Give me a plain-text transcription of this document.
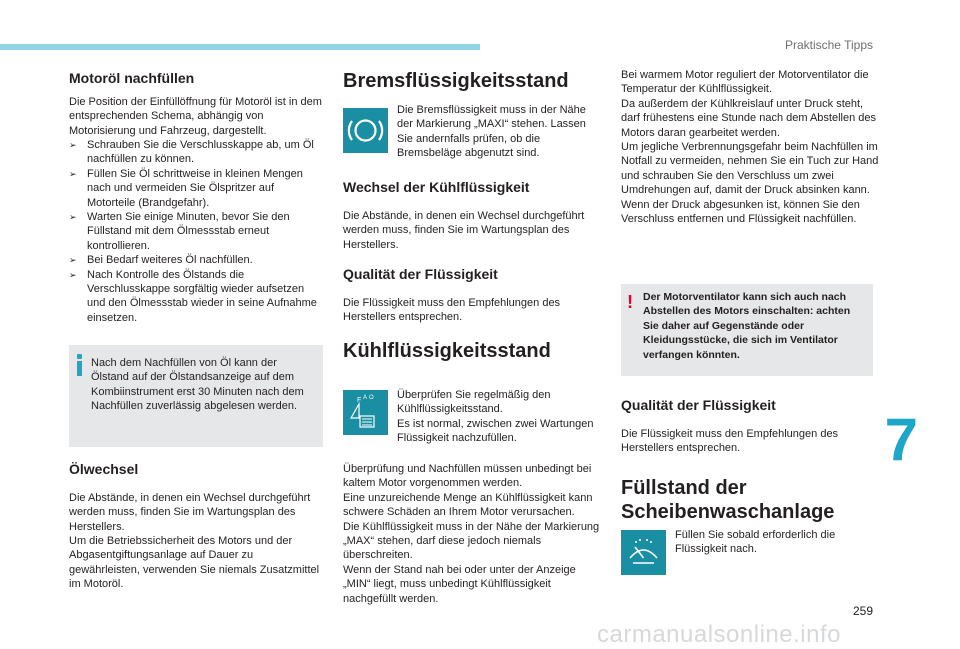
Praktische Tipps
Motoröl nachfüllen

Die Position der Einfüllöffnung für Motoröl ist in dem entsprechenden Schema, abhängig von Motorisierung und Fahrzeug, dargestellt.

➢ Schrauben Sie die Verschlusskappe ab, um Öl nachfüllen zu können.
➢ Füllen Sie Öl schrittweise in kleinen Mengen nach und vermeiden Sie Ölspritzer auf Motorteile (Brandgefahr).
➢ Warten Sie einige Minuten, bevor Sie den Füllstand mit dem Ölmessstab erneut kontrollieren.
➢ Bei Bedarf weiteres Öl nachfüllen.
➢ Nach Kontrolle des Ölstands die Verschlusskappe sorgfältig wieder aufsetzen und den Ölmessstab wieder in seine Aufnahme einsetzen.

Nach dem Nachfüllen von Öl kann der Ölstand auf der Ölstandsanzeige auf dem Kombiinstrument erst 30 Minuten nach dem Nachfüllen zuverlässig abgelesen werden.

Ölwechsel

Die Abstände, in denen ein Wechsel durchgeführt werden muss, finden Sie im Wartungsplan des Herstellers.
Um die Betriebssicherheit des Motors und der Abgasentgiftungsanlage auf Dauer zu gewährleisten, verwenden Sie niemals Zusatzmittel im Motoröl.

Bremsflüssigkeitsstand

Die Bremsflüssigkeit muss in der Nähe der Markierung „MAXI“ stehen. Lassen Sie andernfalls prüfen, ob die Bremsbeläge abgenutzt sind.

Wechsel der Kühlflüssigkeit

Die Abstände, in denen ein Wechsel durchgeführt werden muss, finden Sie im Wartungsplan des Herstellers.

Qualität der Flüssigkeit

Die Flüssigkeit muss den Empfehlungen des Herstellers entsprechen.

Kühlflüssigkeitsstand
F A O Überprüfen Sie regelmäßig den Kühlflüssigkeitsstand.
Es ist normal, zwischen zwei Wartungen Flüssigkeit nachzufüllen.

Überprüfung und Nachfüllen müssen unbedingt bei kaltem Motor vorgenommen werden.
Eine unzureichende Menge an Kühlflüssigkeit kann schwere Schäden an Ihrem Motor verursachen.
Die Kühlflüssigkeit muss in der Nähe der Markierung „MAX“ stehen, darf diese jedoch niemals überschreiten.
Wenn der Stand nah bei oder unter der Anzeige „MIN“ liegt, muss unbedingt Kühlflüssigkeit nachgefüllt werden.

Bei warmem Motor reguliert der Motorventilator die Temperatur der Kühlflüssigkeit.
Da außerdem der Kühlkreislauf unter Druck steht, darf frühestens eine Stunde nach dem Abstellen des Motors daran gearbeitet werden.
Um jegliche Verbrennungsgefahr beim Nachfüllen im Notfall zu vermeiden, nehmen Sie ein Tuch zur Hand und schrauben Sie den Verschluss um zwei Umdrehungen auf, damit der Druck absinken kann.
Wenn der Druck abgesunken ist, können Sie den Verschluss entfernen und Flüssigkeit nachfüllen.

! Der Motorventilator kann sich auch nach Abstellen des Motors einschalten: achten Sie daher auf Gegenstände oder Kleidungsstücke, die sich im Ventilator verfangen könnten.

Qualität der Flüssigkeit

Die Flüssigkeit muss den Empfehlungen des Herstellers entsprechen.

Füllstand der Scheibenwaschanlage

Füllen Sie sobald erforderlich die Flüssigkeit nach.

7
259
carmanualsonline.info
